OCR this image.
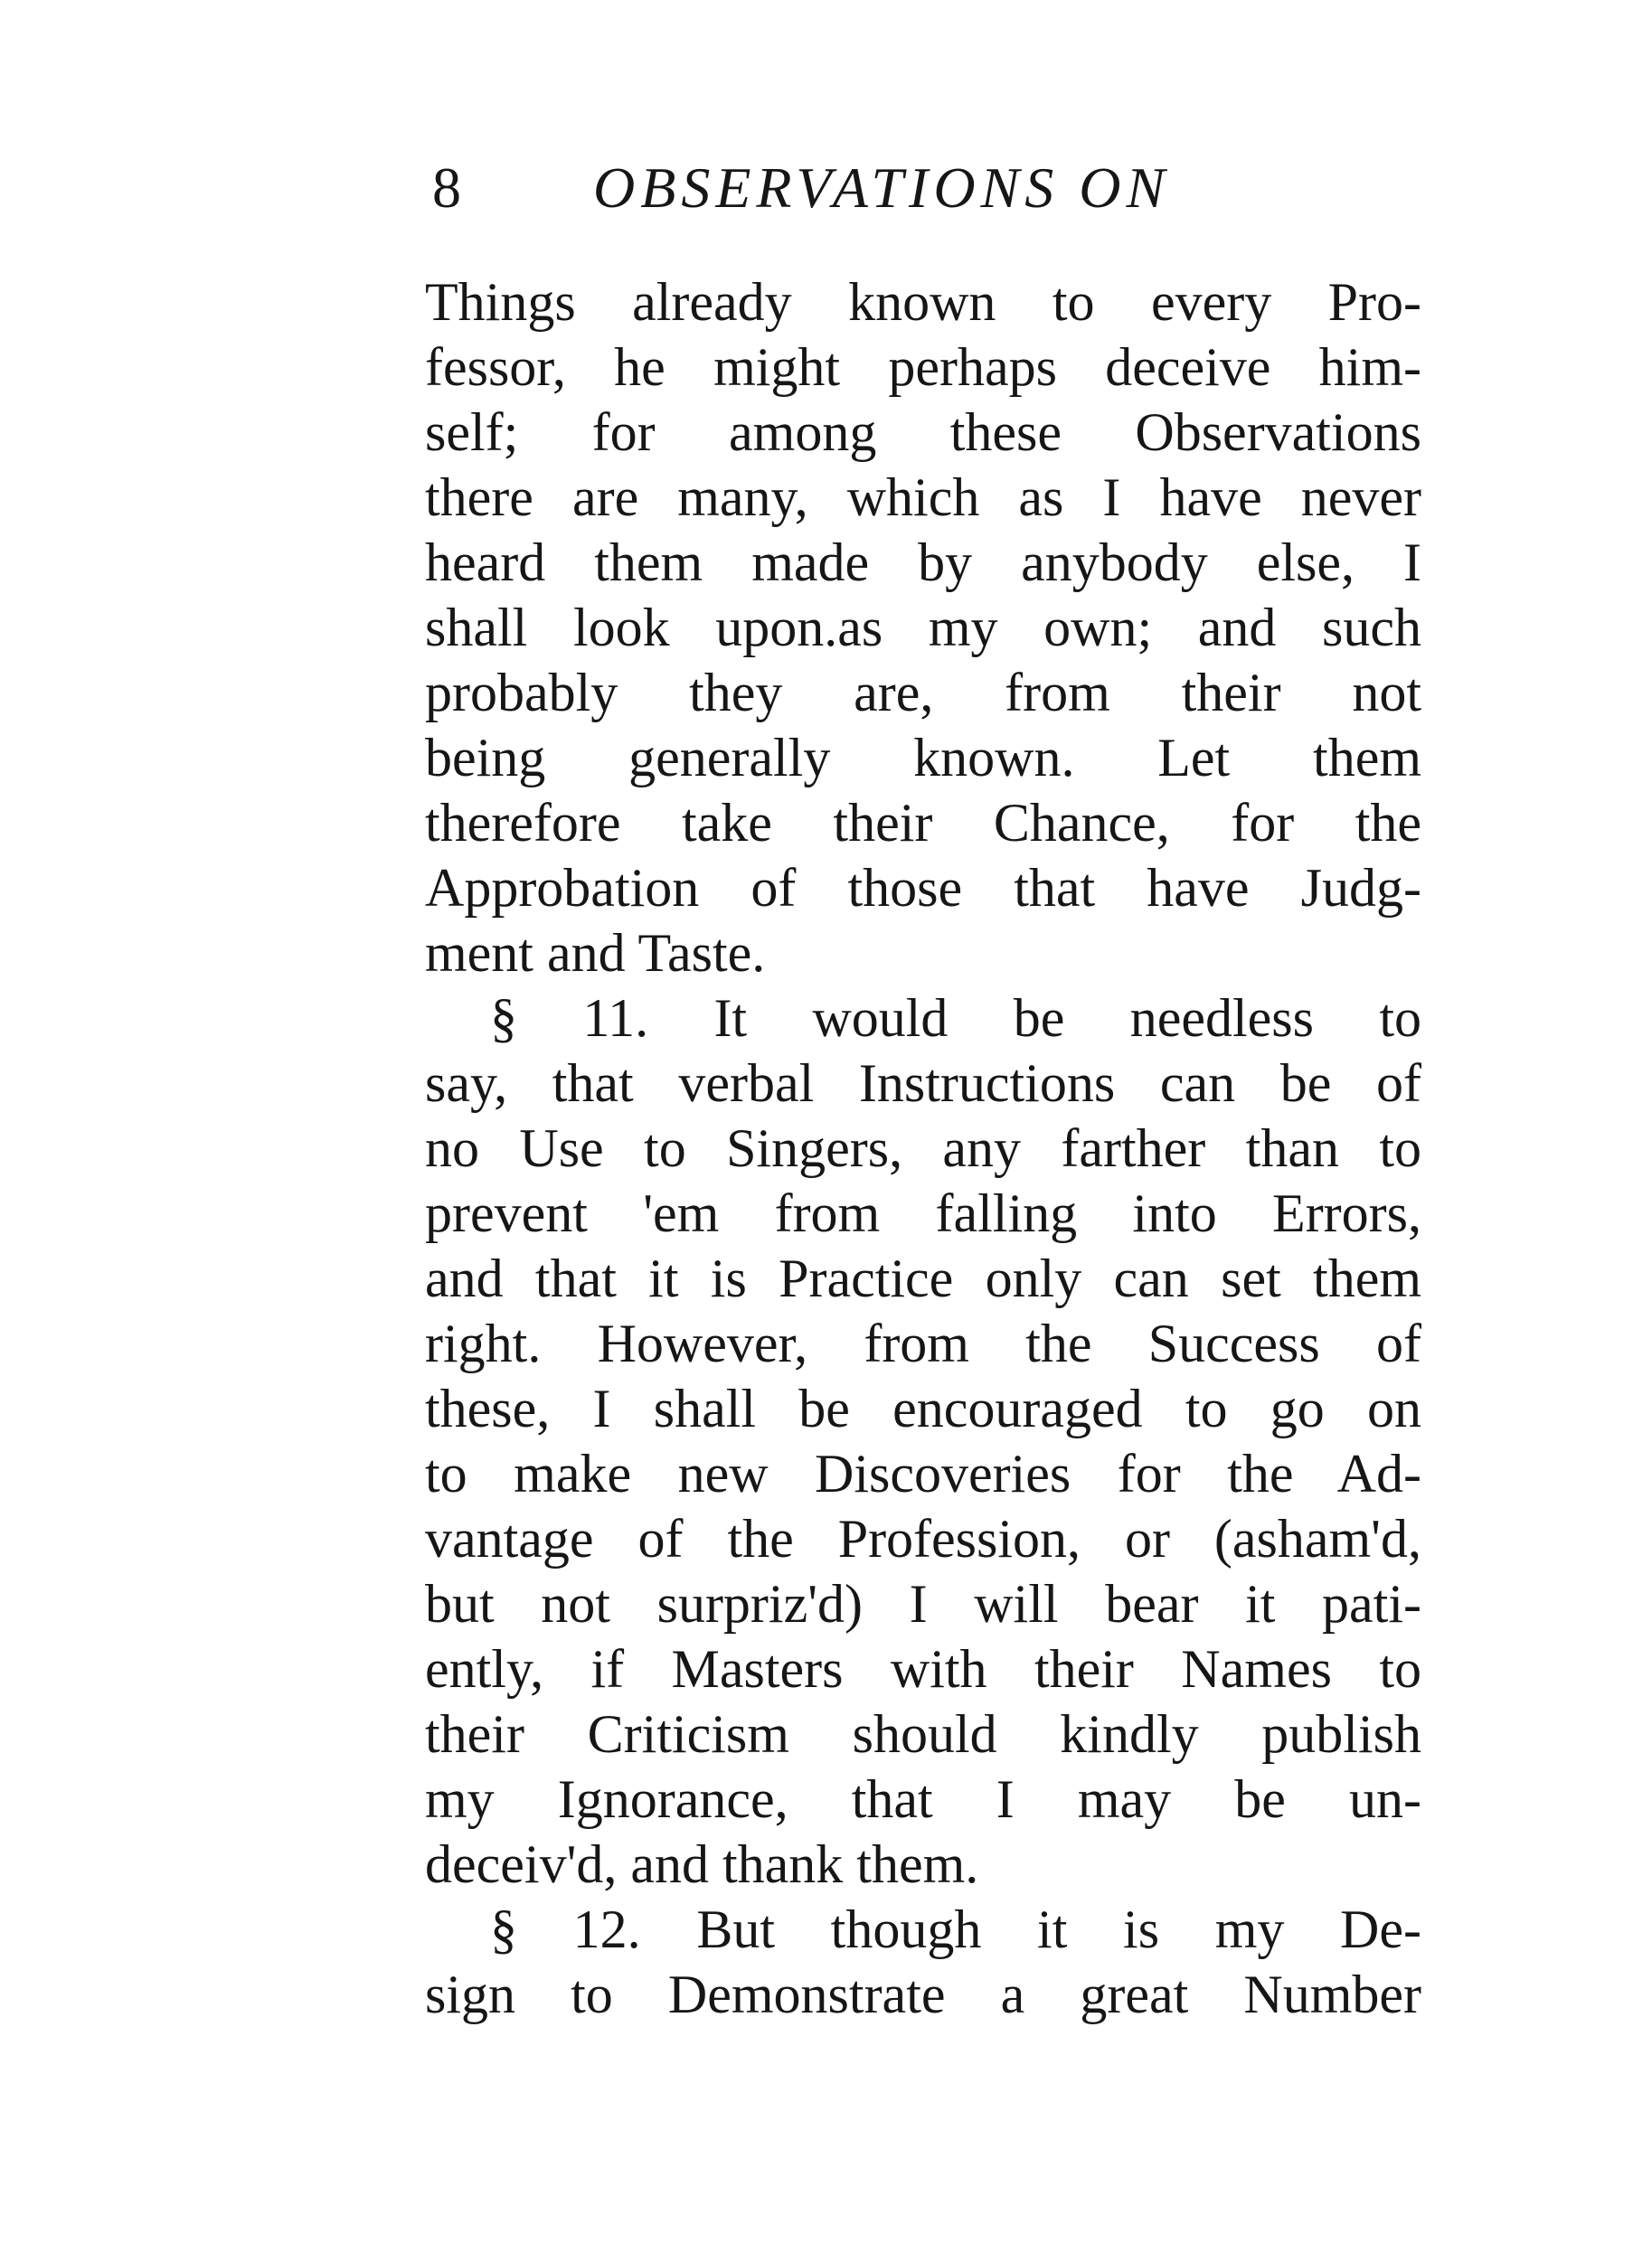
8 OBSERVATIONS ON
Things already known to every Pro-
fessor, he might perhaps deceive him-
self; for among these Observations
there are many, which as I have never
heard them made by anybody else, I
shall look upon.as my own; and such
probably they are, from their not
being generally known. Let them
therefore take their Chance, for the
Approbation of those that have Judg-
ment and Taste.
§ 11. It would be needless to
say, that verbal Instructions can be of
no Use to Singers, any farther than to
prevent 'em from falling into Errors,
and that it is Practice only can set them
right. However, from the Success of
these, I shall be encouraged to go on
to make new Discoveries for the Ad-
vantage of the Profession, or (asham'd,
but not surpriz'd) I will bear it pati-
ently, if Masters with their Names to
their Criticism should kindly publish
my Ignorance, that I may be un-
deceiv'd, and thank them.
§ 12. But though it is my De-
sign to Demonstrate a great Number
